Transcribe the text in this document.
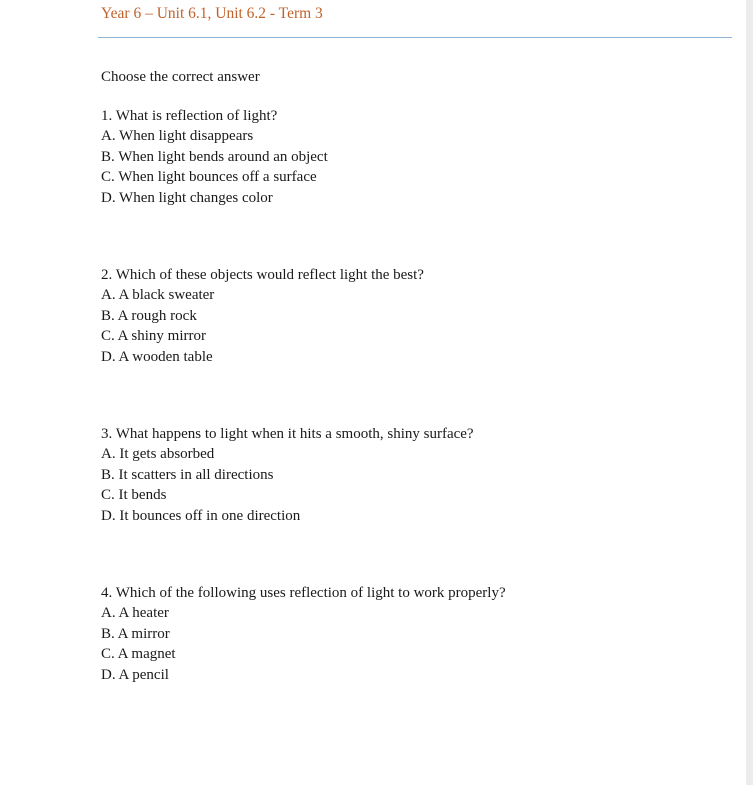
Year 6 – Unit 6.1, Unit 6.2 - Term 3
Choose the correct answer
1. What is reflection of light?
A. When light disappears
B. When light bends around an object
C. When light bounces off a surface
D. When light changes color
2. Which of these objects would reflect light the best?
A. A black sweater
B. A rough rock
C. A shiny mirror
D. A wooden table
3. What happens to light when it hits a smooth, shiny surface?
A. It gets absorbed
B. It scatters in all directions
C. It bends
D. It bounces off in one direction
4. Which of the following uses reflection of light to work properly?
A. A heater
B. A mirror
C. A magnet
D. A pencil
